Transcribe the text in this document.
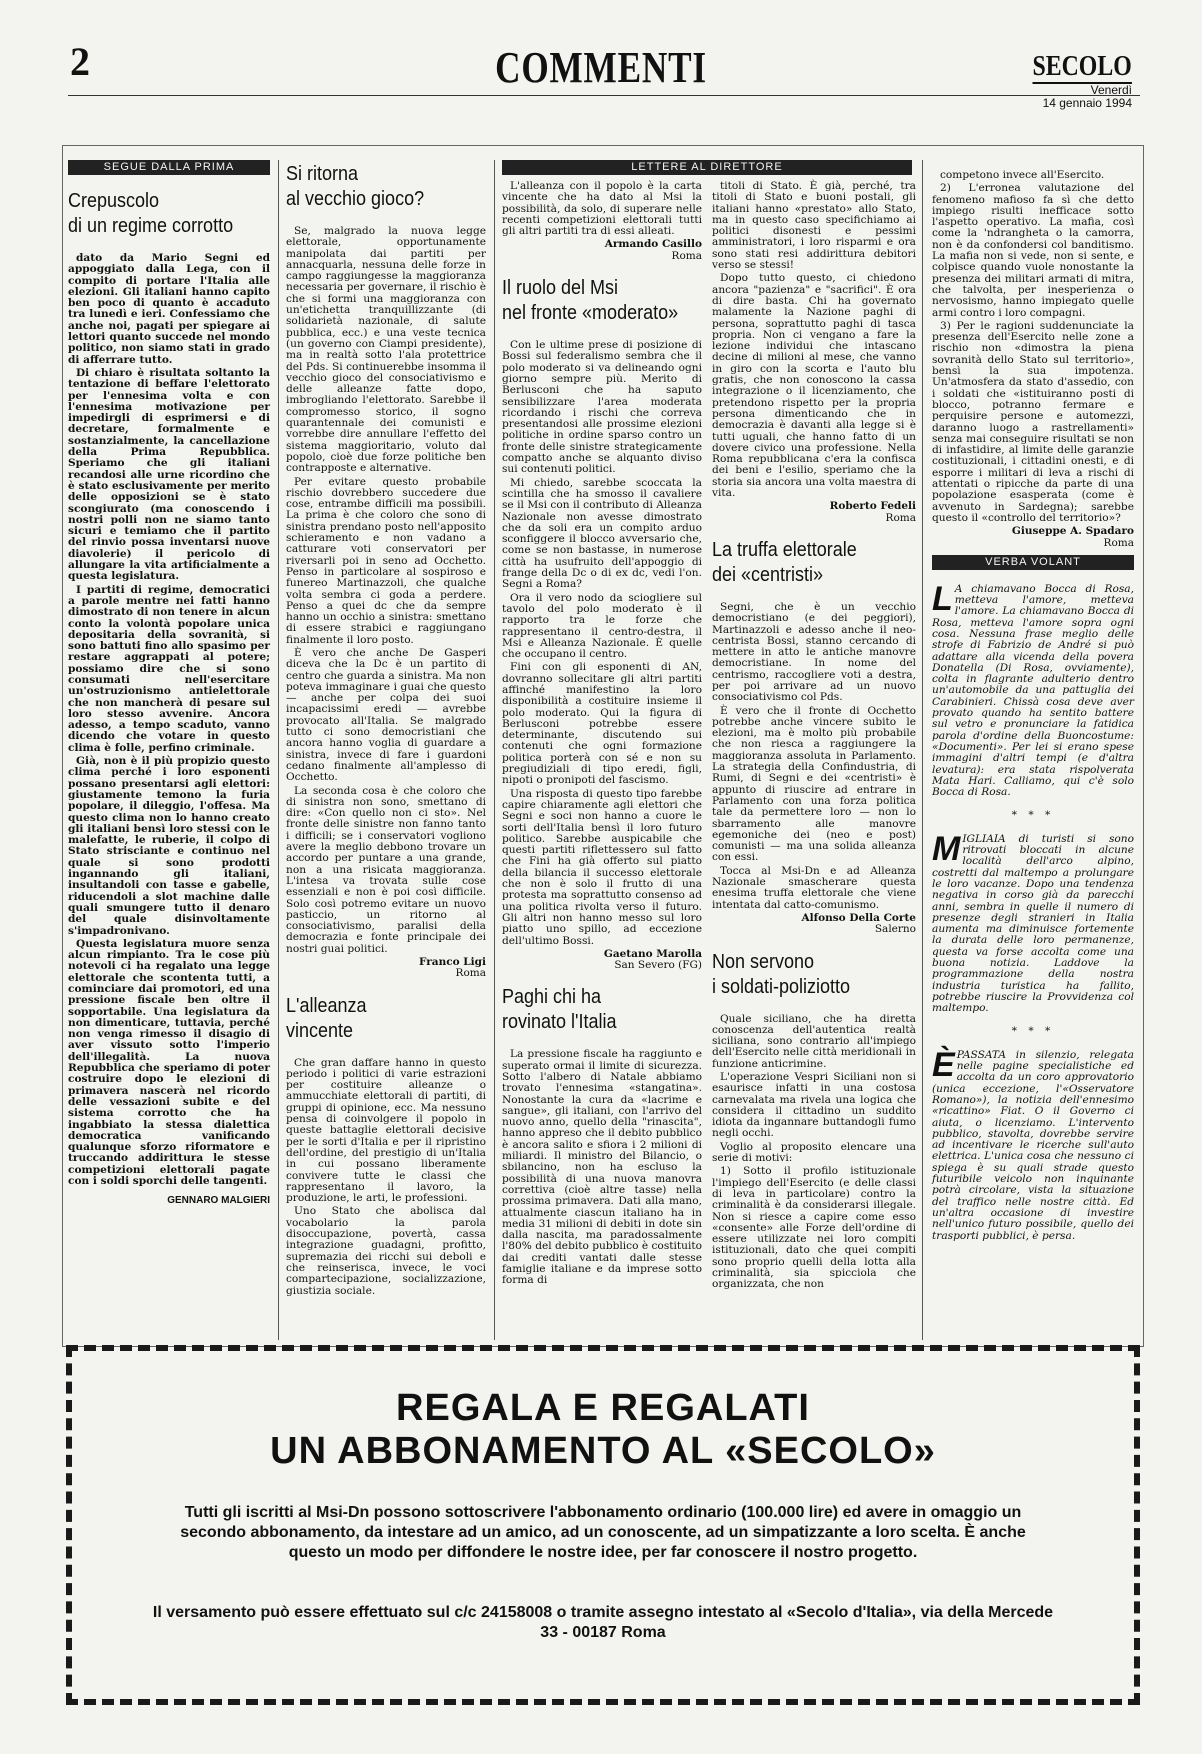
2	COMMENTI	SECOLO
Venerdì
14 gennaio 1994
SEGUE DALLA PRIMA
Crepuscolo
di un regime corrotto

dato da Mario Segni ed appoggiato dalla Lega, con il compito di portare l'Italia alle elezioni. Gli italiani hanno capito ben poco di quanto è accaduto tra lunedì e ieri. Confessiamo che anche noi, pagati per spiegare ai lettori quanto succede nel mondo politico, non siamo stati in grado di afferrare tutto.

Di chiaro è risultata soltanto la tentazione di beffare l'elettorato per l'ennesima volta e con l'ennesima motivazione per impedirgli di esprimersi e di decretare, formalmente e sostanzialmente, la cancellazione della Prima Repubblica. Speriamo che gli italiani recandosi alle urne ricordino che è stato esclusivamente per merito delle opposizioni se è stato scongiurato (ma conoscendo i nostri polli non ne siamo tanto sicuri e temiamo che il partito del rinvio possa inventarsi nuove diavolerie) il pericolo di allungare la vita artificialmente a questa legislatura.

I partiti di regime, democratici a parole mentre nei fatti hanno dimostrato di non tenere in alcun conto la volontà popolare unica depositaria della sovranità, si sono battuti fino allo spasimo per restare aggrappati al potere; possiamo dire che si sono consumati nell'esercitare un'ostruzionismo antielettorale che non mancherà di pesare sul loro stesso avvenire. Ancora adesso, a tempo scaduto, vanno dicendo che votare in questo clima è folle, perfino criminale.

Già, non è il più propizio questo clima perché i loro esponenti possano presentarsi agli elettori: giustamente temono la furia popolare, il dileggio, l'offesa. Ma questo clima non lo hanno creato gli italiani bensì loro stessi con le malefatte, le ruberie, il colpo di Stato strisciante e continuo nel quale si sono prodotti ingannando gli italiani, insultandoli con tasse e gabelle, riducendoli a slot machine dalle quali smungere tutto il denaro del quale disinvoltamente s'impadronivano.

Questa legislatura muore senza alcun rimpianto. Tra le cose più notevoli ci ha regalato una legge elettorale che scontenta tutti, a cominciare dai promotori, ed una pressione fiscale ben oltre il sopportabile. Una legislatura da non dimenticare, tuttavia, perché non venga rimesso il disagio di aver vissuto sotto l'imperio dell'illegalità. La nuova Repubblica che speriamo di poter costruire dopo le elezioni di primavera nascerà nel ricordo delle vessazioni subite e del sistema corrotto che ha ingabbiato la stessa dialettica democratica vanificando qualunque sforzo riformatore e truccando addirittura le stesse competizioni elettorali pagate con i soldi sporchi delle tangenti.

GENNARO MALGIERI
Si ritorna
al vecchio gioco?

Se, malgrado la nuova legge elettorale, opportunamente manipolata dai partiti per annacquarla, nessuna delle forze in campo raggiungesse la maggioranza necessaria per governare, il rischio è che si formi una maggioranza con un'etichetta tranquillizzante (di solidarietà nazionale, di salute pubblica, ecc.) e una veste tecnica (un governo con Ciampi presidente), ma in realtà sotto l'ala protettrice del Pds. Si continuerebbe insomma il vecchio gioco del consociativismo e delle alleanze fatte dopo, imbrogliando l'elettorato. Sarebbe il compromesso storico, il sogno quarantennale dei comunisti e vorrebbe dire annullare l'effetto del sistema maggioritario, voluto dal popolo, cioè due forze politiche ben contrapposte e alternative.

Per evitare questo probabile rischio dovrebbero succedere due cose, entrambe difficili ma possibili. La prima è che coloro che sono di sinistra prendano posto nell'apposito schieramento e non vadano a catturare voti conservatori per riversarli poi in seno ad Occhetto. Penso in particolare al sospiroso e funereo Martinazzoli, che qualche volta sembra ci goda a perdere. Penso a quei dc che da sempre hanno un occhio a sinistra: smettano di essere strabici e raggiungano finalmente il loro posto.

È vero che anche De Gasperi diceva che la Dc è un partito di centro che guarda a sinistra. Ma non poteva immaginare i guai che questo — anche per colpa dei suoi incapacissimi eredi — avrebbe provocato all'Italia. Se malgrado tutto ci sono democristiani che ancora hanno voglia di guardare a sinistra, invece di fare i guardoni cedano finalmente all'amplesso di Occhetto.

La seconda cosa è che coloro che di sinistra non sono, smettano di dire: «Con quello non ci sto». Nel fronte delle sinistre non fanno tanto i difficili; se i conservatori vogliono avere la meglio debbono trovare un accordo per puntare a una grande, non a una risicata maggioranza. L'intesa va trovata sulle cose essenziali e non è poi così difficile. Solo così potremo evitare un nuovo pasticcio, un ritorno al consociativismo, paralisi della democrazia e fonte principale dei nostri guai politici.

Franco Ligi
Roma
L'alleanza
vincente

Che gran daffare hanno in questo periodo i politici di varie estrazioni per costituire alleanze o ammucchiate elettorali di partiti, di gruppi di opinione, ecc. Ma nessuno pensa di coinvolgere il popolo in queste battaglie elettorali decisive per le sorti d'Italia e per il ripristino dell'ordine, del prestigio di un'Italia in cui possano liberamente convivere tutte le classi che rappresentano il lavoro, la produzione, le arti, le professioni.

Uno Stato che abolisca dal vocabolario la parola disoccupazione, povertà, cassa integrazione guadagni, profitto, supremazia dei ricchi sui deboli e che reinserisca, invece, le voci compartecipazione, socializzazione, giustizia sociale.

LETTERE AL DIRETTORE

L'alleanza con il popolo è la carta vincente che ha dato al Msi la possibilità, da solo, di superare nelle recenti competizioni elettorali tutti gli altri partiti tra di essi alleati.

Armando Casillo
Roma
Il ruolo del Msi
nel fronte «moderato»

Con le ultime prese di posizione di Bossi sul federalismo sembra che il polo moderato si va delineando ogni giorno sempre più. Merito di Berlusconi che ha saputo sensibilizzare l'area moderata ricordando i rischi che correva presentandosi alle prossime elezioni politiche in ordine sparso contro un fronte delle sinistre strategicamente compatto anche se alquanto diviso sui contenuti politici.

Mi chiedo, sarebbe scoccata la scintilla che ha smosso il cavaliere se il Msi con il contributo di Alleanza Nazionale non avesse dimostrato che da soli era un compito arduo sconfiggere il blocco avversario che, come se non bastasse, in numerose città ha usufruito dell'appoggio di frange della Dc o di ex dc, vedi l'on. Segni a Roma?

Ora il vero nodo da sciogliere sul tavolo del polo moderato è il rapporto tra le forze che rappresentano il centro-destra, il Msi e Alleanza Nazionale. È quelle che occupano il centro.

Fini con gli esponenti di AN, dovranno sollecitare gli altri partiti affinché manifestino la loro disponibilità a costituire insieme il polo moderato. Qui la figura di Berlusconi potrebbe essere determinante, discutendo sui contenuti che ogni formazione politica porterà con sé e non su pregiudiziali di tipo eredi, figli, nipoti o pronipoti del fascismo.

Una risposta di questo tipo farebbe capire chiaramente agli elettori che Segni e soci non hanno a cuore le sorti dell'Italia bensì il loro futuro politico. Sarebbe auspicabile che questi partiti riflettessero sul fatto che Fini ha già offerto sul piatto della bilancia il successo elettorale che non è solo il frutto di una protesta ma soprattutto consenso ad una politica rivolta verso il futuro. Gli altri non hanno messo sul loro piatto uno spillo, ad eccezione dell'ultimo Bossi.

Gaetano Marolla
San Severo (FG)
Paghi chi ha
rovinato l'Italia

La pressione fiscale ha raggiunto e superato ormai il limite di sicurezza. Sotto l'albero di Natale abbiamo trovato l'ennesima «stangatina». Nonostante la cura da «lacrime e sangue», gli italiani, con l'arrivo del nuovo anno, quello della "rinascita", hanno appreso che il debito pubblico è ancora salito e sfiora i 2 milioni di miliardi. Il ministro del Bilancio, o sbilancino, non ha escluso la possibilità di una nuova manovra correttiva (cioè altre tasse) nella prossima primavera. Dati alla mano, attualmente ciascun italiano ha in media 31 milioni di debiti in dote sin dalla nascita, ma paradossalmente l'80% del debito pubblico è costituito dai crediti vantati dalle stesse famiglie italiane e da imprese sotto forma di

titoli di Stato. È già, perché, tra titoli di Stato e buoni postali, gli italiani hanno «prestato» allo Stato, ma in questo caso specifichiamo ai politici disonesti e pessimi amministratori, i loro risparmi e ora sono stati resi addirittura debitori verso se stessi!

Dopo tutto questo, ci chiedono ancora "pazienza" e "sacrifici". È ora di dire basta. Chi ha governato malamente la Nazione paghi di persona, soprattutto paghi di tasca propria. Non ci vengano a fare la lezione individui che intascano decine di milioni al mese, che vanno in giro con la scorta e l'auto blu gratis, che non conoscono la cassa integrazione o il licenziamento, che pretendono rispetto per la propria persona dimenticando che in democrazia è davanti alla legge si è tutti uguali, che hanno fatto di un dovere civico una professione. Nella Roma repubblicana c'era la confisca dei beni e l'esilio, speriamo che la storia sia ancora una volta maestra di vita.

Roberto Fedeli
Roma
La truffa elettorale
dei «centristi»

Segni, che è un vecchio democristiano (e dei peggiori), Martinazzoli e adesso anche il neo-centrista Bossi, stanno cercando di mettere in atto le antiche manovre democristiane. In nome del centrismo, raccogliere voti a destra, per poi arrivare ad un nuovo consociativismo col Pds.

È vero che il fronte di Occhetto potrebbe anche vincere subito le elezioni, ma è molto più probabile che non riesca a raggiungere la maggioranza assoluta in Parlamento. La strategia della Confindustria, di Rumi, di Segni e dei «centristi» è appunto di riuscire ad entrare in Parlamento con una forza politica tale da permettere loro — non lo sbarramento alle manovre egemoniche dei (neo e post) comunisti — ma una solida alleanza con essi.

Tocca al Msi-Dn e ad Alleanza Nazionale smascherare questa enesima truffa elettorale che viene intentata dal catto-comunismo.

Alfonso Della Corte
Salerno
Non servono
i soldati-poliziotto

Quale siciliano, che ha diretta conoscenza dell'autentica realtà siciliana, sono contrario all'impiego dell'Esercito nelle città meridionali in funzione anticrimine.

L'operazione Vespri Siciliani non si esaurisce infatti in una costosa carnevalata ma rivela una logica che considera il cittadino un suddito idiota da ingannare buttandogli fumo negli occhi.

Voglio al proposito elencare una serie di motivi:

1) Sotto il profilo istituzionale l'impiego dell'Esercito (e delle classi di leva in particolare) contro la criminalità è da considerarsi illegale. Non si riesce a capire come esso «consente» alle Forze dell'ordine di essere utilizzate nei loro compiti istituzionali, dato che quei compiti sono proprio quelli della lotta alla criminalità, sia spicciola che organizzata, che non

competono invece all'Esercito.

2) L'erronea valutazione del fenomeno mafioso fa sì che detto impiego risulti inefficace sotto l'aspetto operativo. La mafia, così come la 'ndrangheta o la camorra, non è da confondersi col banditismo. La mafia non si vede, non si sente, e colpisce quando vuole nonostante la presenza dei militari armati di mitra, che talvolta, per inesperienza o nervosismo, hanno impiegato quelle armi contro i loro compagni.

3) Per le ragioni suddenunciate la presenza dell'Esercito nelle zone a rischio non «dimostra la piena sovranità dello Stato sul territorio», bensì la sua impotenza. Un'atmosfera da stato d'assedio, con i soldati che «istituiranno posti di blocco, potranno fermare e perquisire persone e automezzi, daranno luogo a rastrellamenti» senza mai conseguire risultati se non di infastidire, al limite delle garanzie costituzionali, i cittadini onesti, e di esporre i militari di leva a rischi di attentati o ripicche da parte di una popolazione esasperata (come è avvenuto in Sardegna); sarebbe questo il «controllo del territorio»?

Giuseppe A. Spadaro
Roma
VERBA VOLANT

L A chiamavano Bocca di Rosa, metteva l'amore, metteva l'amore. La chiamavano Bocca di Rosa, metteva l'amore sopra ogni cosa. Nessuna frase meglio delle strofe di Fabrizio de André si può adattare alla vicenda della povera Donatella (Di Rosa, ovviamente), colta in flagrante adulterio dentro un'automobile da una pattuglia dei Carabinieri. Chissà cosa deve aver provato quando ha sentito battere sul vetro e pronunciare la fatidica parola d'ordine della Buoncostume: «Documenti». Per lei si erano spese immagini d'altri tempi (e d'altra levatura): era stata rispolverata Mata Hari. Calliamo, qui c'è solo Bocca di Rosa.

* * *

MIGLIAIA di turisti si sono ritrovati bloccati in alcune località dell'arco alpino, costretti dal maltempo a prolungare le loro vacanze. Dopo una tendenza negativa in corso già da parecchi anni, sembra in quelle il numero di presenze degli stranieri in Italia aumenta ma diminuisce fortemente la durata delle loro permanenze, questa va forse accolta come una buona notizia. Laddove la programmazione della nostra industria turistica ha fallito, potrebbe riuscire la Provvidenza col maltempo.

* * *

ÈPASSATA in silenzio, relegata nelle pagine specialistiche ed accolta da un coro approvatorio (unica eccezione, l'«Osservatore Romano»), la notizia dell'ennesimo «ricattino» Fiat. O il Governo ci aiuta, o licenziamo. L'intervento pubblico, stavolta, dovrebbe servire ad incentivare le ricerche sull'auto elettrica. L'unica cosa che nessuno ci spiega è su quali strade questo futuribile veicolo non inquinante potrà circolare, vista la situazione del traffico nelle nostre città. Ed un'altra occasione di investire nell'unico futuro possibile, quello dei trasporti pubblici, è persa.

REGALA E REGALATI
UN ABBONAMENTO AL «SECOLO»
Tutti gli iscritti al Msi-Dn possono sottoscrivere l'abbonamento ordinario (100.000 lire) ed avere in omaggio un secondo abbonamento, da intestare ad un amico, ad un conoscente, ad un simpatizzante a loro scelta. È anche questo un modo per diffondere le nostre idee, per far conoscere il nostro progetto.
Il versamento può essere effettuato sul c/c 24158008 o tramite assegno intestato al «Secolo d'Italia», via della Mercede 33 - 00187 Roma
